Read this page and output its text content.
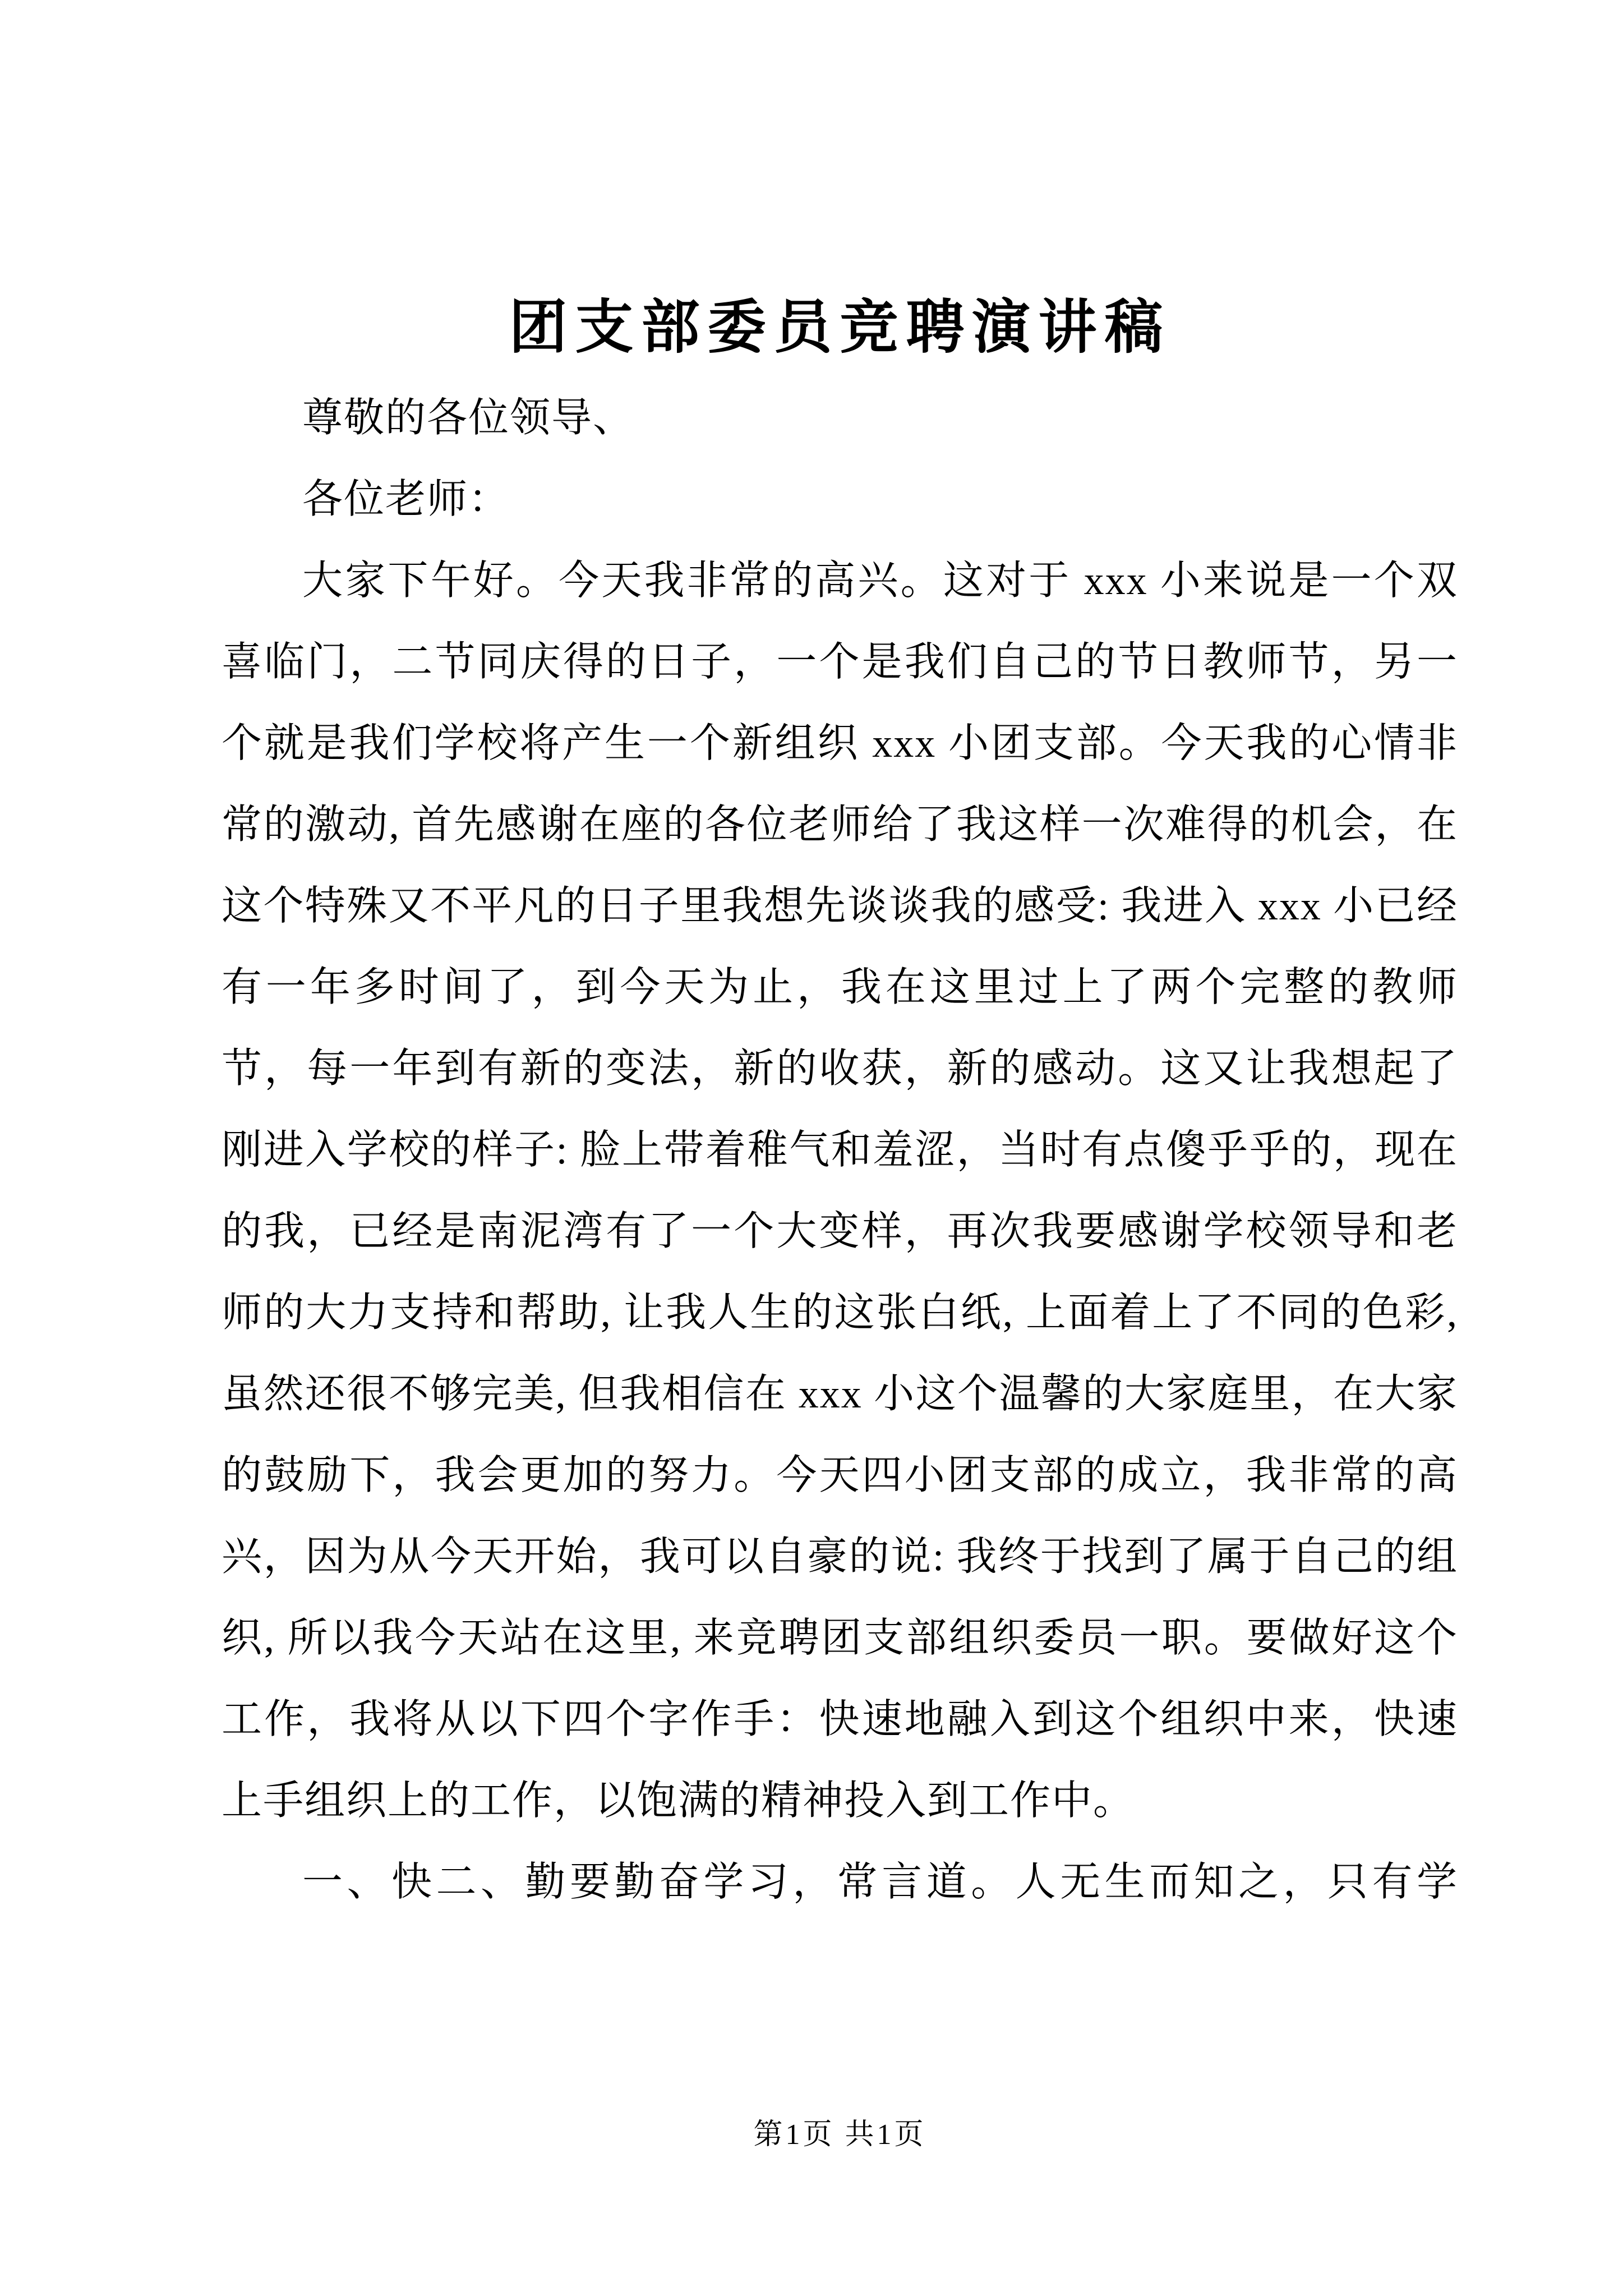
团支部委员竞聘演讲稿

尊敬的各位领导、

各位老师：

大家下午好。今天我非常的高兴。这对于 xxx 小来说是一个双喜临门，二节同庆得的日子，一个是我们自己的节日教师节，另一个就是我们学校将产生一个新组织 xxx 小团支部。今天我的心情非常的激动, 首先感谢在座的各位老师给了我这样一次难得的机会，在这个特殊又不平凡的日子里我想先谈谈我的感受: 我进入 xxx 小已经有一年多时间了，到今天为止，我在这里过上了两个完整的教师节，每一年到有新的变法，新的收获，新的感动。这又让我想起了刚进入学校的样子: 脸上带着稚气和羞涩，当时有点傻乎乎的，现在的我，已经是南泥湾有了一个大变样，再次我要感谢学校领导和老师的大力支持和帮助, 让我人生的这张白纸, 上面着上了不同的色彩, 虽然还很不够完美, 但我相信在 xxx 小这个温馨的大家庭里，在大家的鼓励下，我会更加的努力。今天四小团支部的成立，我非常的高兴，因为从今天开始，我可以自豪的说: 我终于找到了属于自己的组织, 所以我今天站在这里, 来竞聘团支部组织委员一职。要做好这个工作，我将从以下四个字作手：快速地融入到这个组织中来，快速上手组织上的工作，以饱满的精神投入到工作中。

一、快二、勤要勤奋学习，常言道。人无生而知之，只有学

第1页 共1页
